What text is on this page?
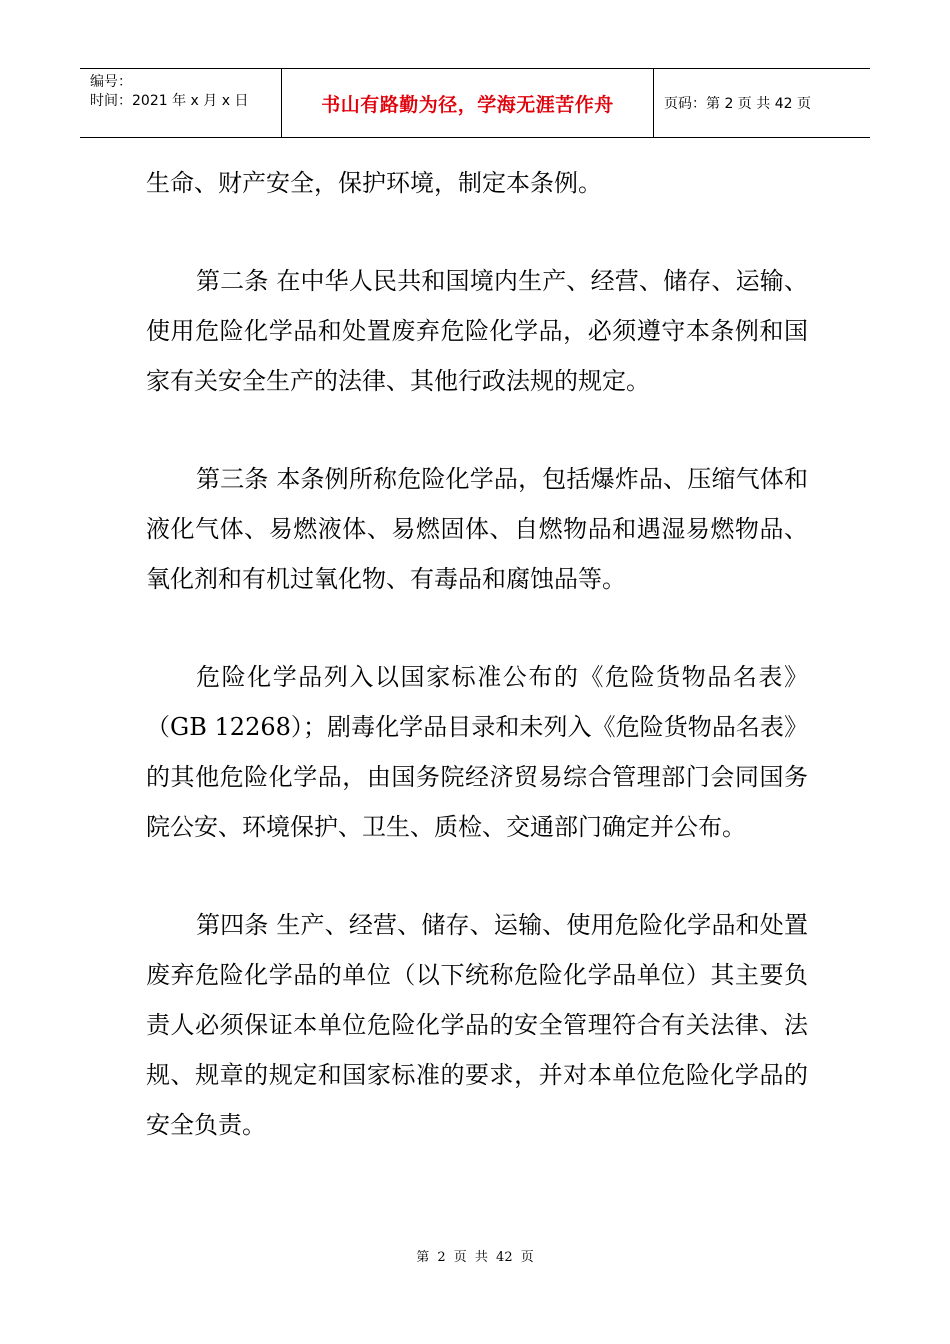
编号：
时间：2021 年 x 月 x 日	书山有路勤为径，学海无涯苦作舟	页码：第 2 页 共 42 页

生命、财产安全，保护环境，制定本条例。

第二条 在中华人民共和国境内生产、经营、储存、运输、使用危险化学品和处置废弃危险化学品，必须遵守本条例和国家有关安全生产的法律、其他行政法规的规定。

第三条 本条例所称危险化学品，包括爆炸品、压缩气体和液化气体、易燃液体、易燃固体、自燃物品和遇湿易燃物品、氧化剂和有机过氧化物、有毒品和腐蚀品等。

危险化学品列入以国家标准公布的《危险货物品名表》（GB 12268）；剧毒化学品目录和未列入《危险货物品名表》的其他危险化学品，由国务院经济贸易综合管理部门会同国务院公安、环境保护、卫生、质检、交通部门确定并公布。

第四条 生产、经营、储存、运输、使用危险化学品和处置废弃危险化学品的单位（以下统称危险化学品单位）其主要负责人必须保证本单位危险化学品的安全管理符合有关法律、法规、规章的规定和国家标准的要求，并对本单位危险化学品的安全负责。

第 2 页 共 42 页
